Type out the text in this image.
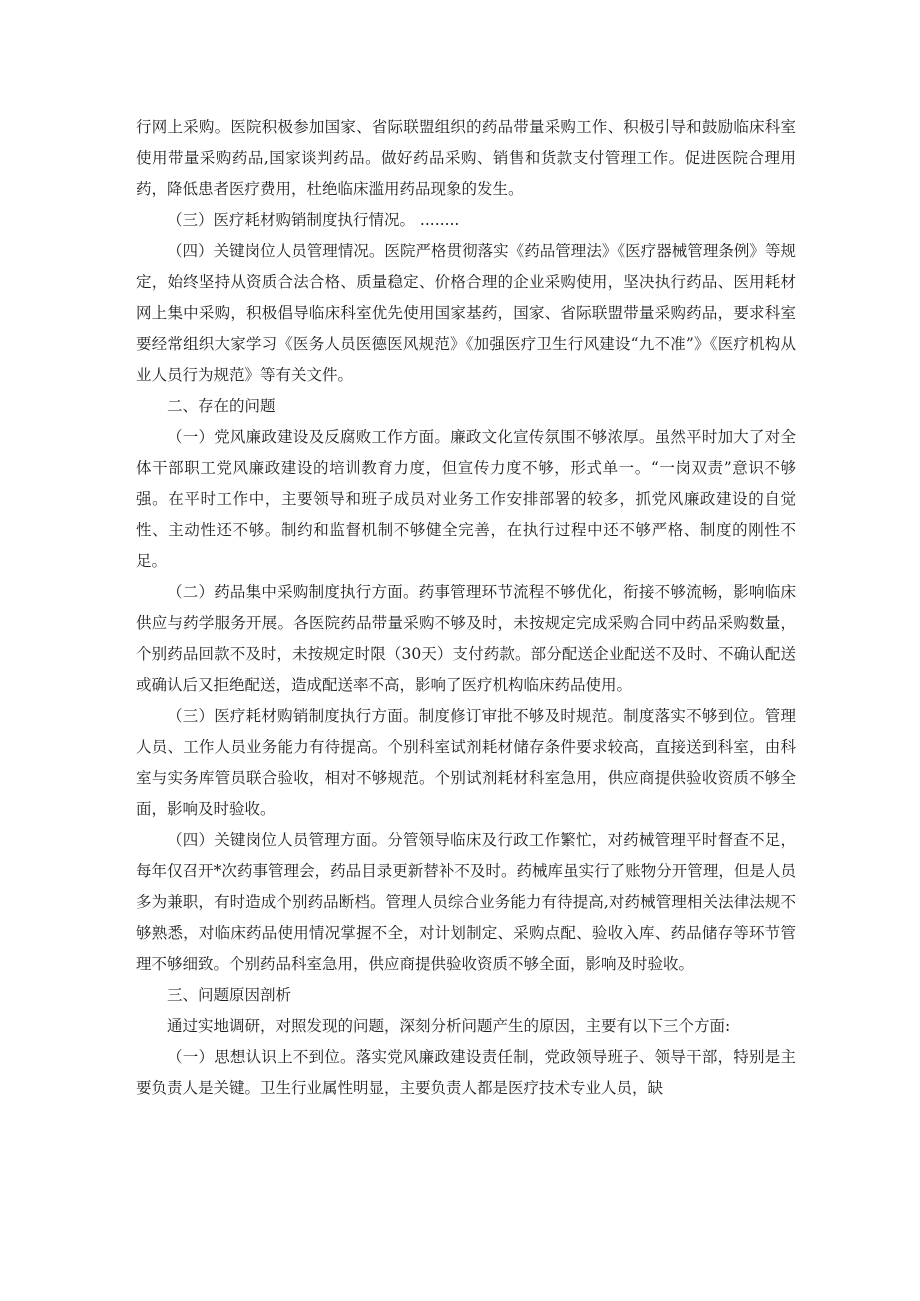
行网上采购。医院积极参加国家、省际联盟组织的药品带量采购工作、积极引导和鼓励临床科室使用带量采购药品,国家谈判药品。做好药品采购、销售和货款支付管理工作。促进医院合理用药，降低患者医疗费用，杜绝临床滥用药品现象的发生。

（三）医疗耗材购销制度执行情况。 ........

（四）关键岗位人员管理情况。医院严格贯彻落实《药品管理法》《医疗器械管理条例》等规定，始终坚持从资质合法合格、质量稳定、价格合理的企业采购使用，坚决执行药品、医用耗材网上集中采购，积极倡导临床科室优先使用国家基药，国家、省际联盟带量采购药品，要求科室要经常组织大家学习《医务人员医德医风规范》《加强医疗卫生行风建设“九不准”》《医疗机构从业人员行为规范》等有关文件。

二、存在的问题

（一）党风廉政建设及反腐败工作方面。廉政文化宣传氛围不够浓厚。虽然平时加大了对全体干部职工党风廉政建设的培训教育力度，但宣传力度不够，形式单一。“一岗双责”意识不够强。在平时工作中，主要领导和班子成员对业务工作安排部署的较多，抓党风廉政建设的自觉性、主动性还不够。制约和监督机制不够健全完善，在执行过程中还不够严格、制度的刚性不足。

（二）药品集中采购制度执行方面。药事管理环节流程不够优化，衔接不够流畅，影响临床供应与药学服务开展。各医院药品带量采购不够及时，未按规定完成采购合同中药品采购数量，个别药品回款不及时，未按规定时限（30天）支付药款。部分配送企业配送不及时、不确认配送或确认后又拒绝配送，造成配送率不高，影响了医疗机构临床药品使用。

（三）医疗耗材购销制度执行方面。制度修订审批不够及时规范。制度落实不够到位。管理人员、工作人员业务能力有待提高。个别科室试剂耗材储存条件要求较高，直接送到科室，由科室与实务库管员联合验收，相对不够规范。个别试剂耗材科室急用，供应商提供验收资质不够全面，影响及时验收。

（四）关键岗位人员管理方面。分管领导临床及行政工作繁忙，对药械管理平时督查不足，每年仅召开*次药事管理会，药品目录更新替补不及时。药械库虽实行了账物分开管理，但是人员多为兼职，有时造成个别药品断档。管理人员综合业务能力有待提高,对药械管理相关法律法规不够熟悉，对临床药品使用情况掌握不全，对计划制定、采购点配、验收入库、药品储存等环节管理不够细致。个别药品科室急用，供应商提供验收资质不够全面，影响及时验收。

三、问题原因剖析

通过实地调研，对照发现的问题，深刻分析问题产生的原因，主要有以下三个方面:

（一）思想认识上不到位。落实党风廉政建设责任制，党政领导班子、领导干部，特别是主要负责人是关键。卫生行业属性明显，主要负责人都是医疗技术专业人员，缺
